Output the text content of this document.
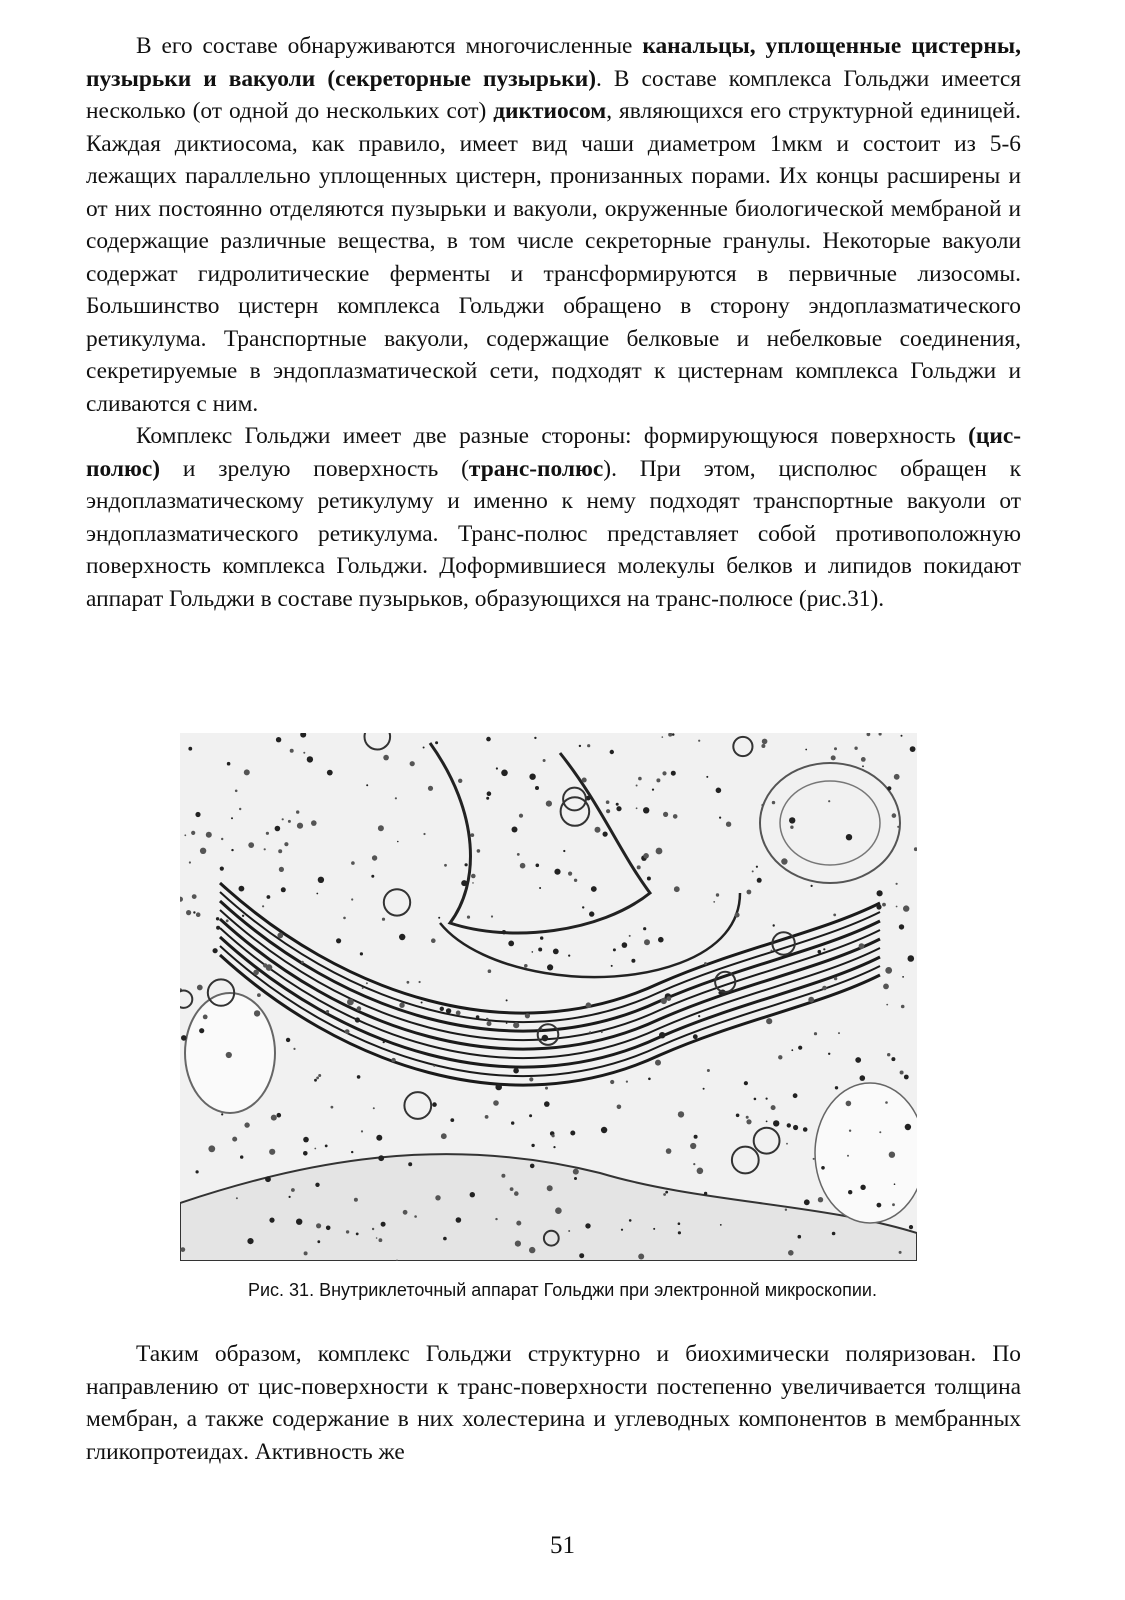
В его составе обнаруживаются многочисленные канальцы, уплощенные цистерны, пузырьки и вакуоли (секреторные пузырьки). В составе комплекса Гольджи имеется несколько (от одной до нескольких сот) диктиосом, являющихся его структурной единицей. Каждая диктиосома, как правило, имеет вид чаши диаметром 1мкм и состоит из 5-6 лежащих параллельно уплощенных цистерн, пронизанных порами. Их концы расширены и от них постоянно отделяются пузырьки и вакуоли, окруженные биологической мембраной и содержащие различные вещества, в том числе секреторные гранулы. Некоторые вакуоли содержат гидролитические ферменты и трансформируются в первичные лизосомы. Большинство цистерн комплекса Гольджи обращено в сторону эндоплазматического ретикулума. Транспортные вакуоли, содержащие белковые и небелковые соединения, секретируемые в эндоплазматической сети, подходят к цистернам комплекса Гольджи и сливаются с ним.

Комплекс Гольджи имеет две разные стороны: формирующуюся поверхность (цис-полюс) и зрелую поверхность (транс-полюс). При этом, цисполюс обращен к эндоплазматическому ретикулуму и именно к нему подходят транспортные вакуоли от эндоплазматического ретикулума. Транс-полюс представляет собой противоположную поверхность комплекса Гольджи. Доформившиеся молекулы белков и липидов покидают аппарат Гольджи в составе пузырьков, образующихся на транс-полюсе (рис.31).

Рис. 31. Внутриклеточный аппарат Гольджи при электронной микроскопии.

Таким образом, комплекс Гольджи структурно и биохимически поляризован. По направлению от цис-поверхности к транс-поверхности постепенно увеличивается толщина мембран, а также содержание в них холестерина и углеводных компонентов в мембранных гликопротеидах. Активность же

51
